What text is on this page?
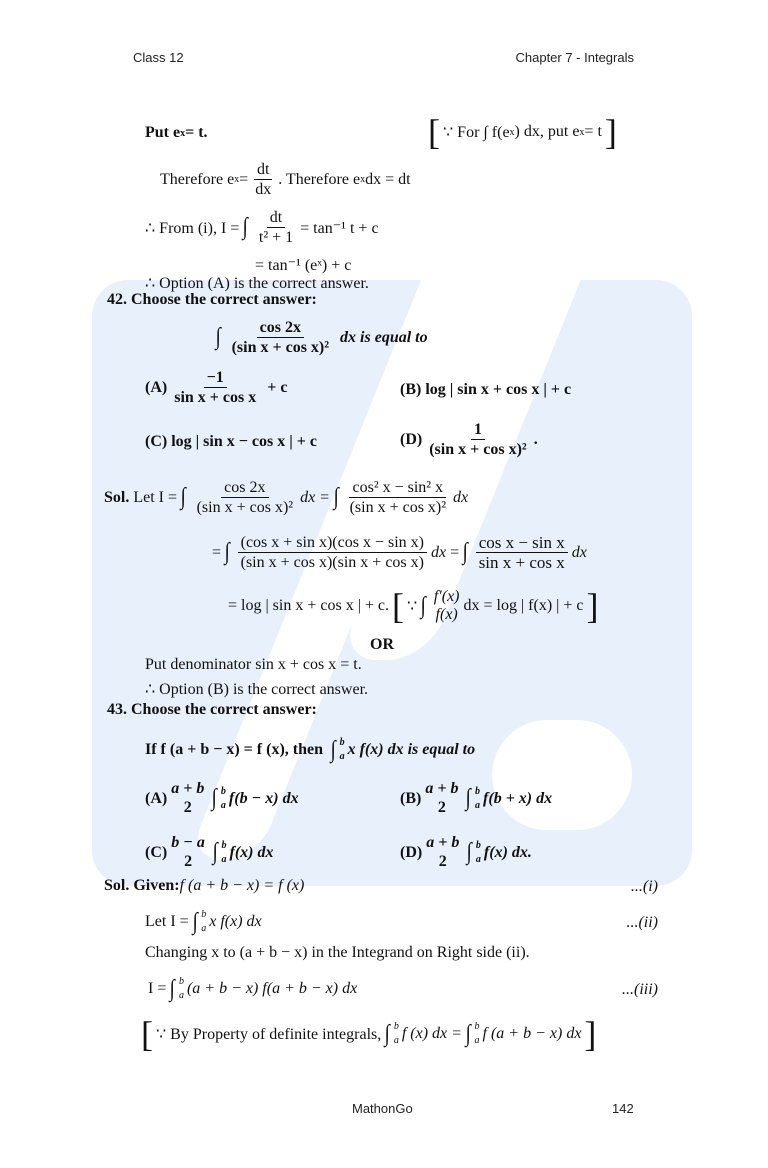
Class 12	Chapter 7 - Integrals
Put e x = t.	[ ∵ For ∫ f(e x ) dx, put e x = t ]
Therefore e $x = \frac{dt}{dx}$ . Therefore e x dx = dt
∴ From (i), I = ∫ $\frac{dt}{\text{t² + 1}} = \tan^{-1}$ t + c
= tan⁻¹ (eˣ) + c
∴ Option (A) is the correct answer.
42. Choose the correct answer:
∫ $\frac{\cos 2x}{\text{(sin x + cos x)²}}$
dx is equal to
$(A) \frac{-1}{\text{sin x + cos x}}$
+ c	(B) log | sin x + cos x | + c
(C) log | sin x − cos x | + c	$(D) \frac{1}{\text{(sin x + cos x)²}}$ .
Sol.
Let I = ∫ $\frac{\cos 2x}{\text{(sin x + cos x)²}}$ dx = ∫ $\frac{\text{cos² x − sin² x}}{\text{(sin x + cos x)²}}$ dx
= ∫ $\frac{\text{(cos x + sin x)(cos x − sin x)}}{\text{(sin x + cos x)(sin x + cos x)}}$ dx
= ∫ $\frac{\text{cos x − sin x}}{\text{sin x + cos x}}$ dx
= log | sin x + cos x | + c. [ ∵ ∫ f′(x)
f(x)
dx = log | f(x) | + c ]
OR
Put denominator sin x + cos x = t.
∴ Option (B) is the correct answer.
43. Choose the correct answer:
If f (a + b − x) = f (x), then
∫ b
a x f(x) dx is equal to
(A)
a + b
2 ∫ b
a f(b − x) dx	(B)
a + b
2 ∫ b
a f(b + x) dx
(C)
b − a
2 ∫ b
a f(x) dx	(D)
a + b
2 ∫ b
a f(x) dx.
Sol.
Given: f (a + b − x) = f (x)	...(i)
Let I = ∫ b
a x f(x) dx	...(ii)
Changing x to (a + b − x) in the Integrand on Right side (ii).
I = ∫ b
a (a + b − x) f(a + b − x) dx	...(iii)
[ ∵ By Property of definite integrals, ∫ b
a f (x) dx = ∫ b
a f (a + b − x) dx ]
MathonGo	142
